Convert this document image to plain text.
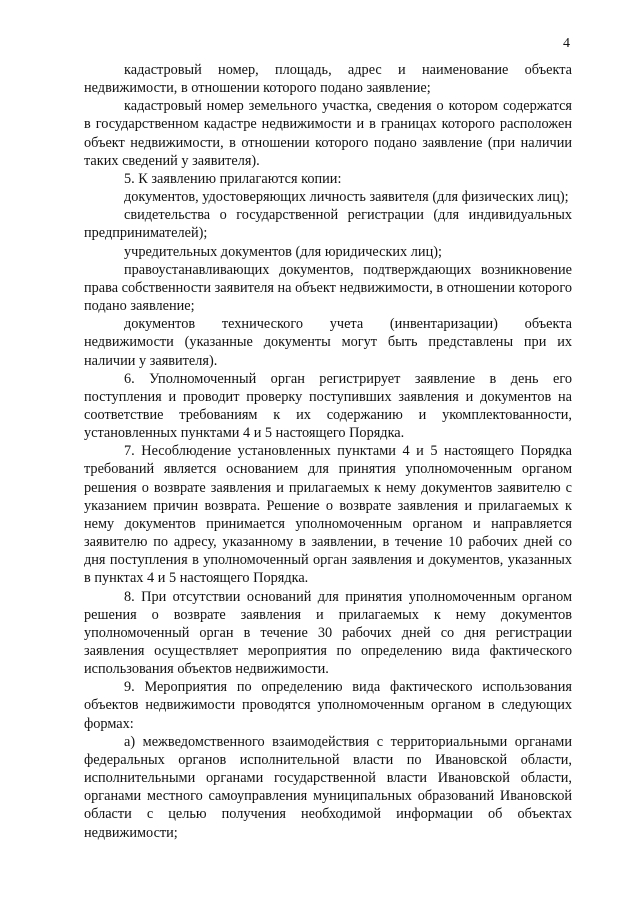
4

кадастровый номер, площадь, адрес и наименование объекта недвижимости, в отношении которого подано заявление;

кадастровый номер земельного участка, сведения о котором содержатся в государственном кадастре недвижимости и в границах которого расположен объект недвижимости, в отношении которого подано заявление (при наличии таких сведений у заявителя).

5. К заявлению прилагаются копии:

документов, удостоверяющих личность заявителя (для физических лиц);

свидетельства о государственной регистрации (для индивидуальных предпринимателей);

учредительных документов (для юридических лиц);

правоустанавливающих документов, подтверждающих возникновение права собственности заявителя на объект недвижимости, в отношении которого подано заявление;

документов технического учета (инвентаризации) объекта недвижимости (указанные документы могут быть представлены при их наличии у заявителя).

6. Уполномоченный орган регистрирует заявление в день его поступления и проводит проверку поступивших заявления и документов на соответствие требованиям к их содержанию и укомплектованности, установленных пунктами 4 и 5 настоящего Порядка.

7. Несоблюдение установленных пунктами 4 и 5 настоящего Порядка требований является основанием для принятия уполномоченным органом решения о возврате заявления и прилагаемых к нему документов заявителю с указанием причин возврата. Решение о возврате заявления и прилагаемых к нему документов принимается уполномоченным органом и направляется заявителю по адресу, указанному в заявлении, в течение 10 рабочих дней со дня поступления в уполномоченный орган заявления и документов, указанных в пунктах 4 и 5 настоящего Порядка.

8. При отсутствии оснований для принятия уполномоченным органом решения о возврате заявления и прилагаемых к нему документов уполномоченный орган в течение 30 рабочих дней со дня регистрации заявления осуществляет мероприятия по определению вида фактического использования объектов недвижимости.

9. Мероприятия по определению вида фактического использования объектов недвижимости проводятся уполномоченным органом в следующих формах:

а) межведомственного взаимодействия с территориальными органами федеральных органов исполнительной власти по Ивановской области, исполнительными органами государственной власти Ивановской области, органами местного самоуправления муниципальных образований Ивановской области с целью получения необходимой информации об объектах недвижимости;
